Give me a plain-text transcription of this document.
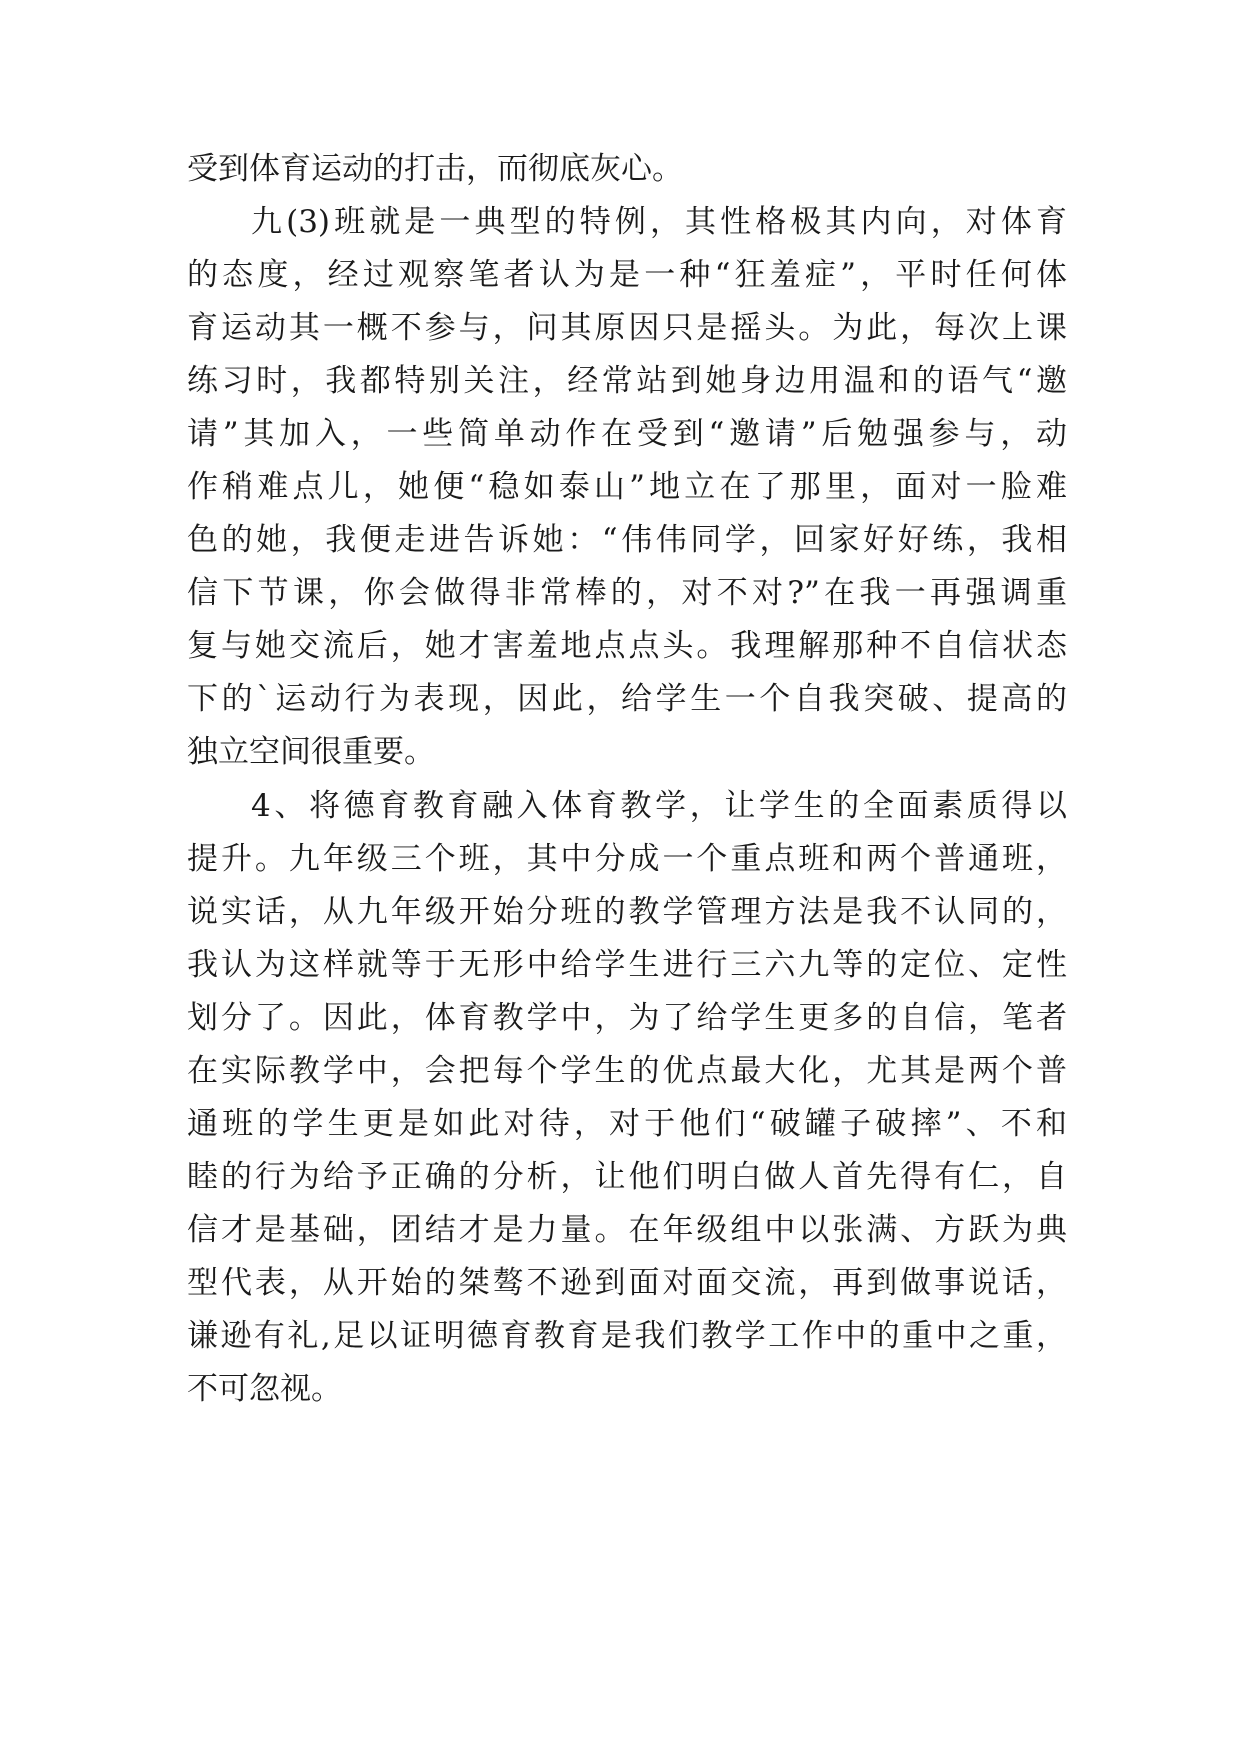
受到体育运动的打击，而彻底灰心。

九(3)班就是一典型的特例，其性格极其内向，对体育

的态度，经过观察笔者认为是一种“狂羞症”，平时任何体

育运动其一概不参与，问其原因只是摇头。为此，每次上课

练习时，我都特别关注，经常站到她身边用温和的语气“邀

请”其加入，一些简单动作在受到“邀请”后勉强参与，动

作稍难点儿，她便“稳如泰山”地立在了那里，面对一脸难

色的她，我便走进告诉她：“伟伟同学，回家好好练，我相

信下节课，你会做得非常棒的，对不对?”在我一再强调重

复与她交流后，她才害羞地点点头。我理解那种不自信状态

下的`运动行为表现，因此，给学生一个自我突破、提高的

独立空间很重要。

4、将德育教育融入体育教学，让学生的全面素质得以

提升。九年级三个班，其中分成一个重点班和两个普通班，

说实话，从九年级开始分班的教学管理方法是我不认同的，

我认为这样就等于无形中给学生进行三六九等的定位、定性

划分了。因此，体育教学中，为了给学生更多的自信，笔者

在实际教学中，会把每个学生的优点最大化，尤其是两个普

通班的学生更是如此对待，对于他们“破罐子破摔”、不和

睦的行为给予正确的分析，让他们明白做人首先得有仁，自

信才是基础，团结才是力量。在年级组中以张满、方跃为典

型代表，从开始的桀骜不逊到面对面交流，再到做事说话，

谦逊有礼,足以证明德育教育是我们教学工作中的重中之重，

不可忽视。
